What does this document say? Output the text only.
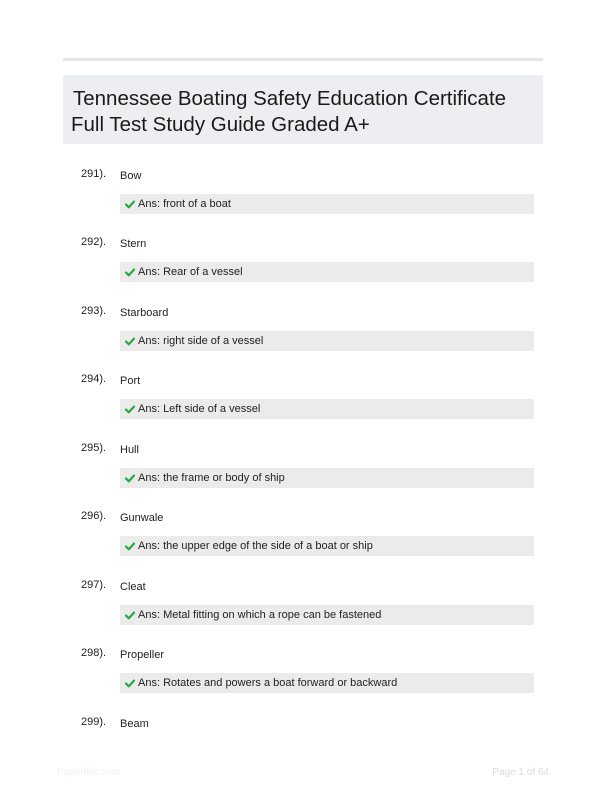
Tennessee Boating Safety Education Certificate
Full Test Study Guide Graded A+
291). Bow
Ans: front of a boat
292). Stern
Ans: Rear of a vessel
293). Starboard
Ans: right side of a vessel
294). Port
Ans: Left side of a vessel
295). Hull
Ans: the frame or body of ship
296). Gunwale
Ans: the upper edge of the side of a boat or ship
297). Cleat
Ans: Metal fitting on which a rope can be fastened
298). Propeller
Ans: Rotates and powers a boat forward or backward
299). Beam
Paperfilic.com	Page 1 of 64
